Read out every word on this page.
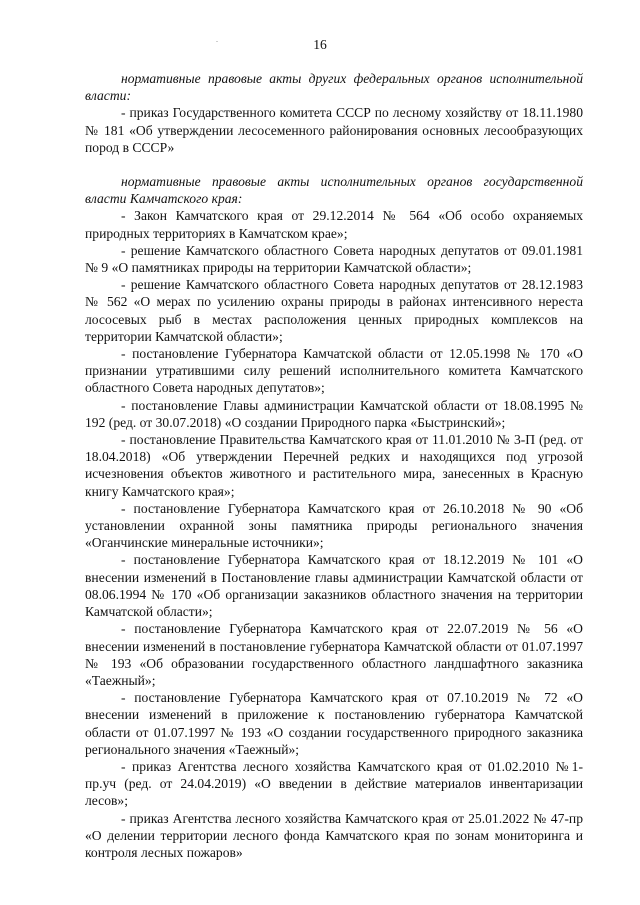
16

нормативные правовые акты других федеральных органов исполнительной власти:

- приказ Государственного комитета СССР по лесному хозяйству от 18.11.1980 № 181 «Об утверждении лесосеменного районирования основных лесообразующих пород в СССР»

нормативные правовые акты исполнительных органов государственной власти Камчатского края:

- Закон Камчатского края от 29.12.2014 № 564 «Об особо охраняемых природных территориях в Камчатском крае»;

- решение Камчатского областного Совета народных депутатов от 09.01.1981 № 9 «О памятниках природы на территории Камчатской области»;

- решение Камчатского областного Совета народных депутатов от 28.12.1983 № 562 «О мерах по усилению охраны природы в районах интенсивного нереста лососевых рыб в местах расположения ценных природных комплексов на территории Камчатской области»;

- постановление Губернатора Камчатской области от 12.05.1998 № 170 «О признании утратившими силу решений исполнительного комитета Камчатского областного Совета народных депутатов»;

- постановление Главы администрации Камчатской области от 18.08.1995 № 192 (ред. от 30.07.2018) «О создании Природного парка «Быстринский»;

- постановление Правительства Камчатского края от 11.01.2010 № 3-П (ред. от 18.04.2018) «Об утверждении Перечней редких и находящихся под угрозой исчезновения объектов животного и растительного мира, занесенных в Красную книгу Камчатского края»;

- постановление Губернатора Камчатского края от 26.10.2018 № 90 «Об установлении охранной зоны памятника природы регионального значения «Оганчинские минеральные источники»;

- постановление Губернатора Камчатского края от 18.12.2019 № 101 «О внесении изменений в Постановление главы администрации Камчатской области от 08.06.1994 № 170 «Об организации заказников областного значения на территории Камчатской области»;

- постановление Губернатора Камчатского края от 22.07.2019 № 56 «О внесении изменений в постановление губернатора Камчатской области от 01.07.1997 № 193 «Об образовании государственного областного ландшафтного заказника «Таежный»;

- постановление Губернатора Камчатского края от 07.10.2019 № 72 «О внесении изменений в приложение к постановлению губернатора Камчатской области от 01.07.1997 № 193 «О создании государственного природного заказника регионального значения «Таежный»;

- приказ Агентства лесного хозяйства Камчатского края от 01.02.2010 №1-пр.уч (ред. от 24.04.2019) «О введении в действие материалов инвентаризации лесов»;

- приказ Агентства лесного хозяйства Камчатского края от 25.01.2022 № 47-пр «О делении территории лесного фонда Камчатского края по зонам мониторинга и контроля лесных пожаров»
